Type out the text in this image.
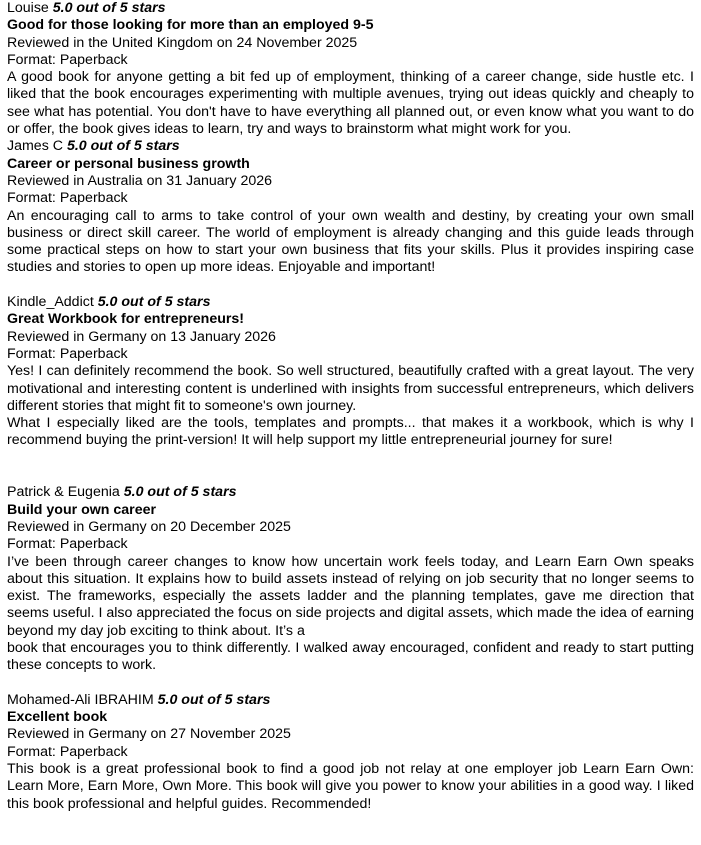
Louise 5.0 out of 5 stars

Good for those looking for more than an employed 9-5

Reviewed in the United Kingdom on 24 November 2025

Format: Paperback

A good book for anyone getting a bit fed up of employment, thinking of a career change, side hustle etc. I liked that the book encourages experimenting with multiple avenues, trying out ideas quickly and cheaply to see what has potential. You don't have to have everything all planned out, or even know what you want to do or offer, the book gives ideas to learn, try and ways to brainstorm what might work for you.

James C 5.0 out of 5 stars

Career or personal business growth

Reviewed in Australia on 31 January 2026

Format: Paperback

An encouraging call to arms to take control of your own wealth and destiny, by creating your own small business or direct skill career. The world of employment is already changing and this guide leads through some practical steps on how to start your own business that fits your skills. Plus it provides inspiring case studies and stories to open up more ideas. Enjoyable and important!

Kindle_Addict 5.0 out of 5 stars

Great Workbook for entrepreneurs!

Reviewed in Germany on 13 January 2026

Format: Paperback

Yes! I can definitely recommend the book. So well structured, beautifully crafted with a great layout. The very motivational and interesting content is underlined with insights from successful entrepreneurs, which delivers different stories that might fit to someone's own journey.

What I especially liked are the tools, templates and prompts... that makes it a workbook, which is why I recommend buying the print-version! It will help support my little entrepreneurial journey for sure!

Patrick & Eugenia 5.0 out of 5 stars

Build your own career

Reviewed in Germany on 20 December 2025

Format: Paperback

I’ve been through career changes to know how uncertain work feels today, and Learn Earn Own speaks about this situation. It explains how to build assets instead of relying on job security that no longer seems to exist. The frameworks, especially the assets ladder and the planning templates, gave me direction that seems useful. I also appreciated the focus on side projects and digital assets, which made the idea of earning beyond my day job exciting to think about. It’s a

book that encourages you to think differently. I walked away encouraged, confident and ready to start putting these concepts to work.

Mohamed-Ali IBRAHIM 5.0 out of 5 stars

Excellent book

Reviewed in Germany on 27 November 2025

Format: Paperback

This book is a great professional book to find a good job not relay at one employer job Learn Earn Own: Learn More, Earn More, Own More. This book will give you power to know your abilities in a good way. I liked this book professional and helpful guides. Recommended!
